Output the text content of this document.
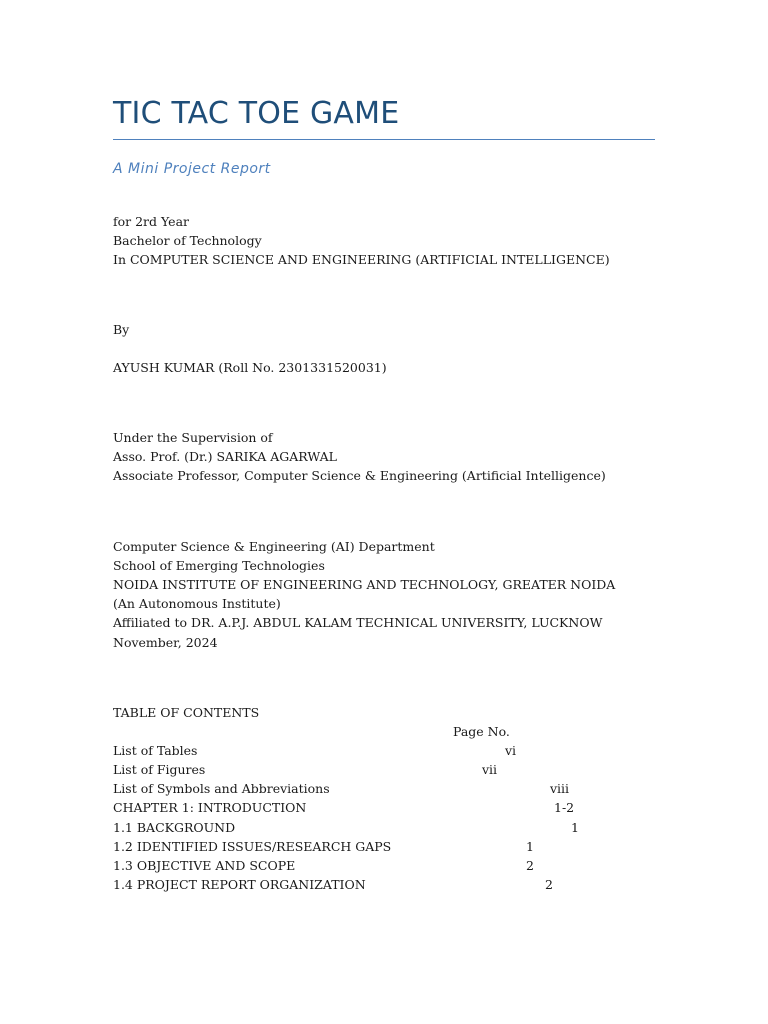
TIC TAC TOE GAME
A Mini Project Report
for 2rd Year
Bachelor of Technology
In COMPUTER SCIENCE AND ENGINEERING (ARTIFICIAL INTELLIGENCE)
By
AYUSH KUMAR (Roll No. 2301331520031)
Under the Supervision of
Asso. Prof. (Dr.) SARIKA AGARWAL
Associate Professor, Computer Science & Engineering (Artificial Intelligence)
Computer Science & Engineering (AI) Department
School of Emerging Technologies
NOIDA INSTITUTE OF ENGINEERING AND TECHNOLOGY, GREATER NOIDA
(An Autonomous Institute)
Affiliated to DR. A.P.J. ABDUL KALAM TECHNICAL UNIVERSITY, LUCKNOW
November, 2024
TABLE OF CONTENTS
Page No.
List of Tables	vi
List of Figures	vii
List of Symbols and Abbreviations	viii
CHAPTER 1: INTRODUCTION	1-2
1.1 BACKGROUND	1
1.2 IDENTIFIED ISSUES/RESEARCH GAPS	1
1.3 OBJECTIVE AND SCOPE	2
1.4 PROJECT REPORT ORGANIZATION	2
